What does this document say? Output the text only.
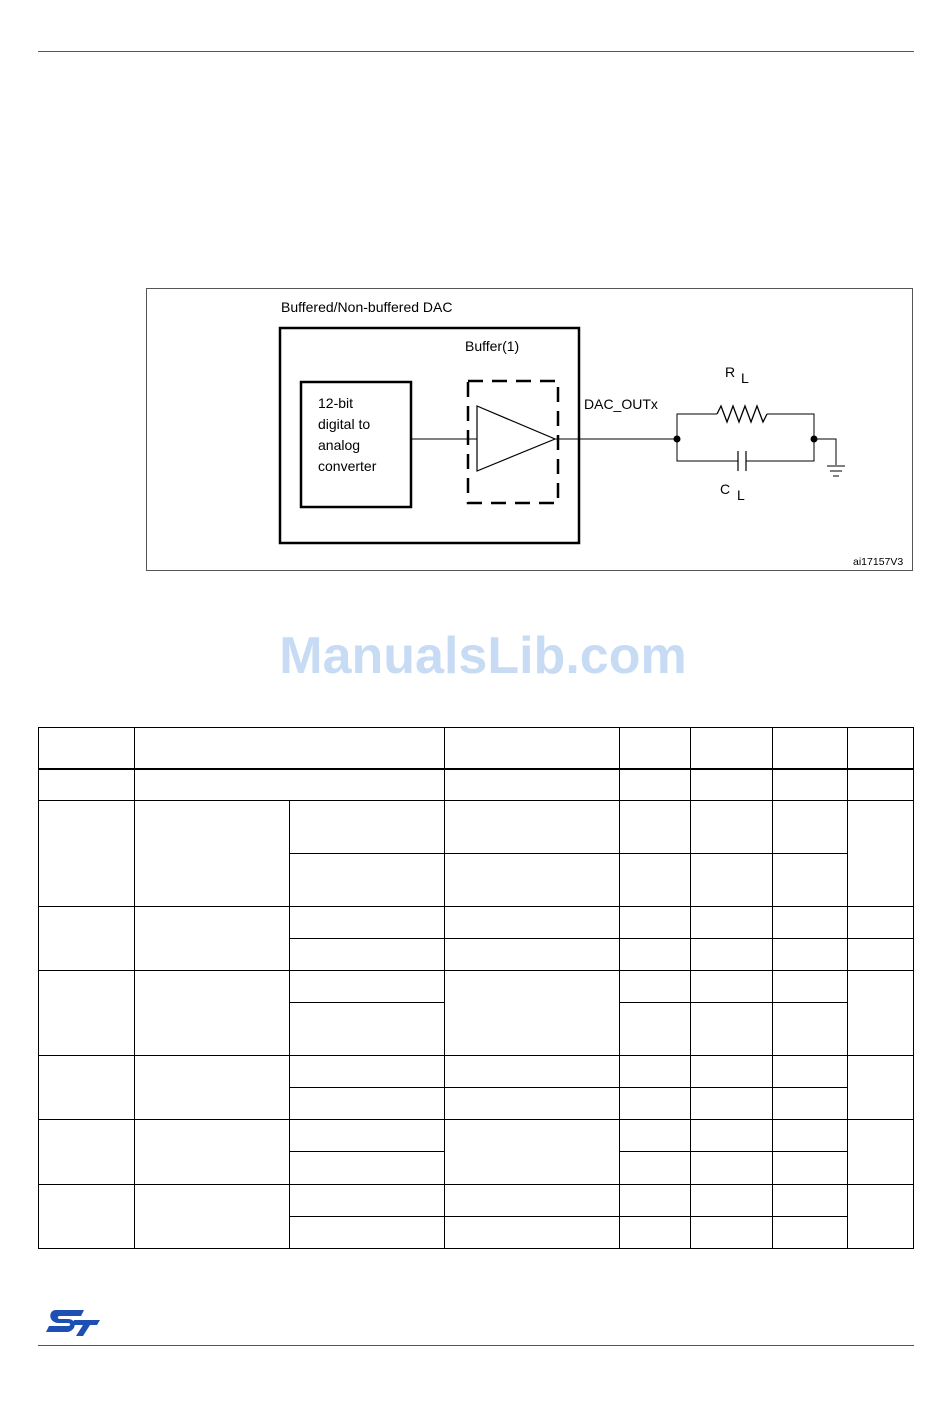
Buffered/Non-buffered DAC
12-bit
digital to
analog
converter
Buffer(1)
DAC_OUTx
R L
C L
ai17157V3
ManualsLib.com
